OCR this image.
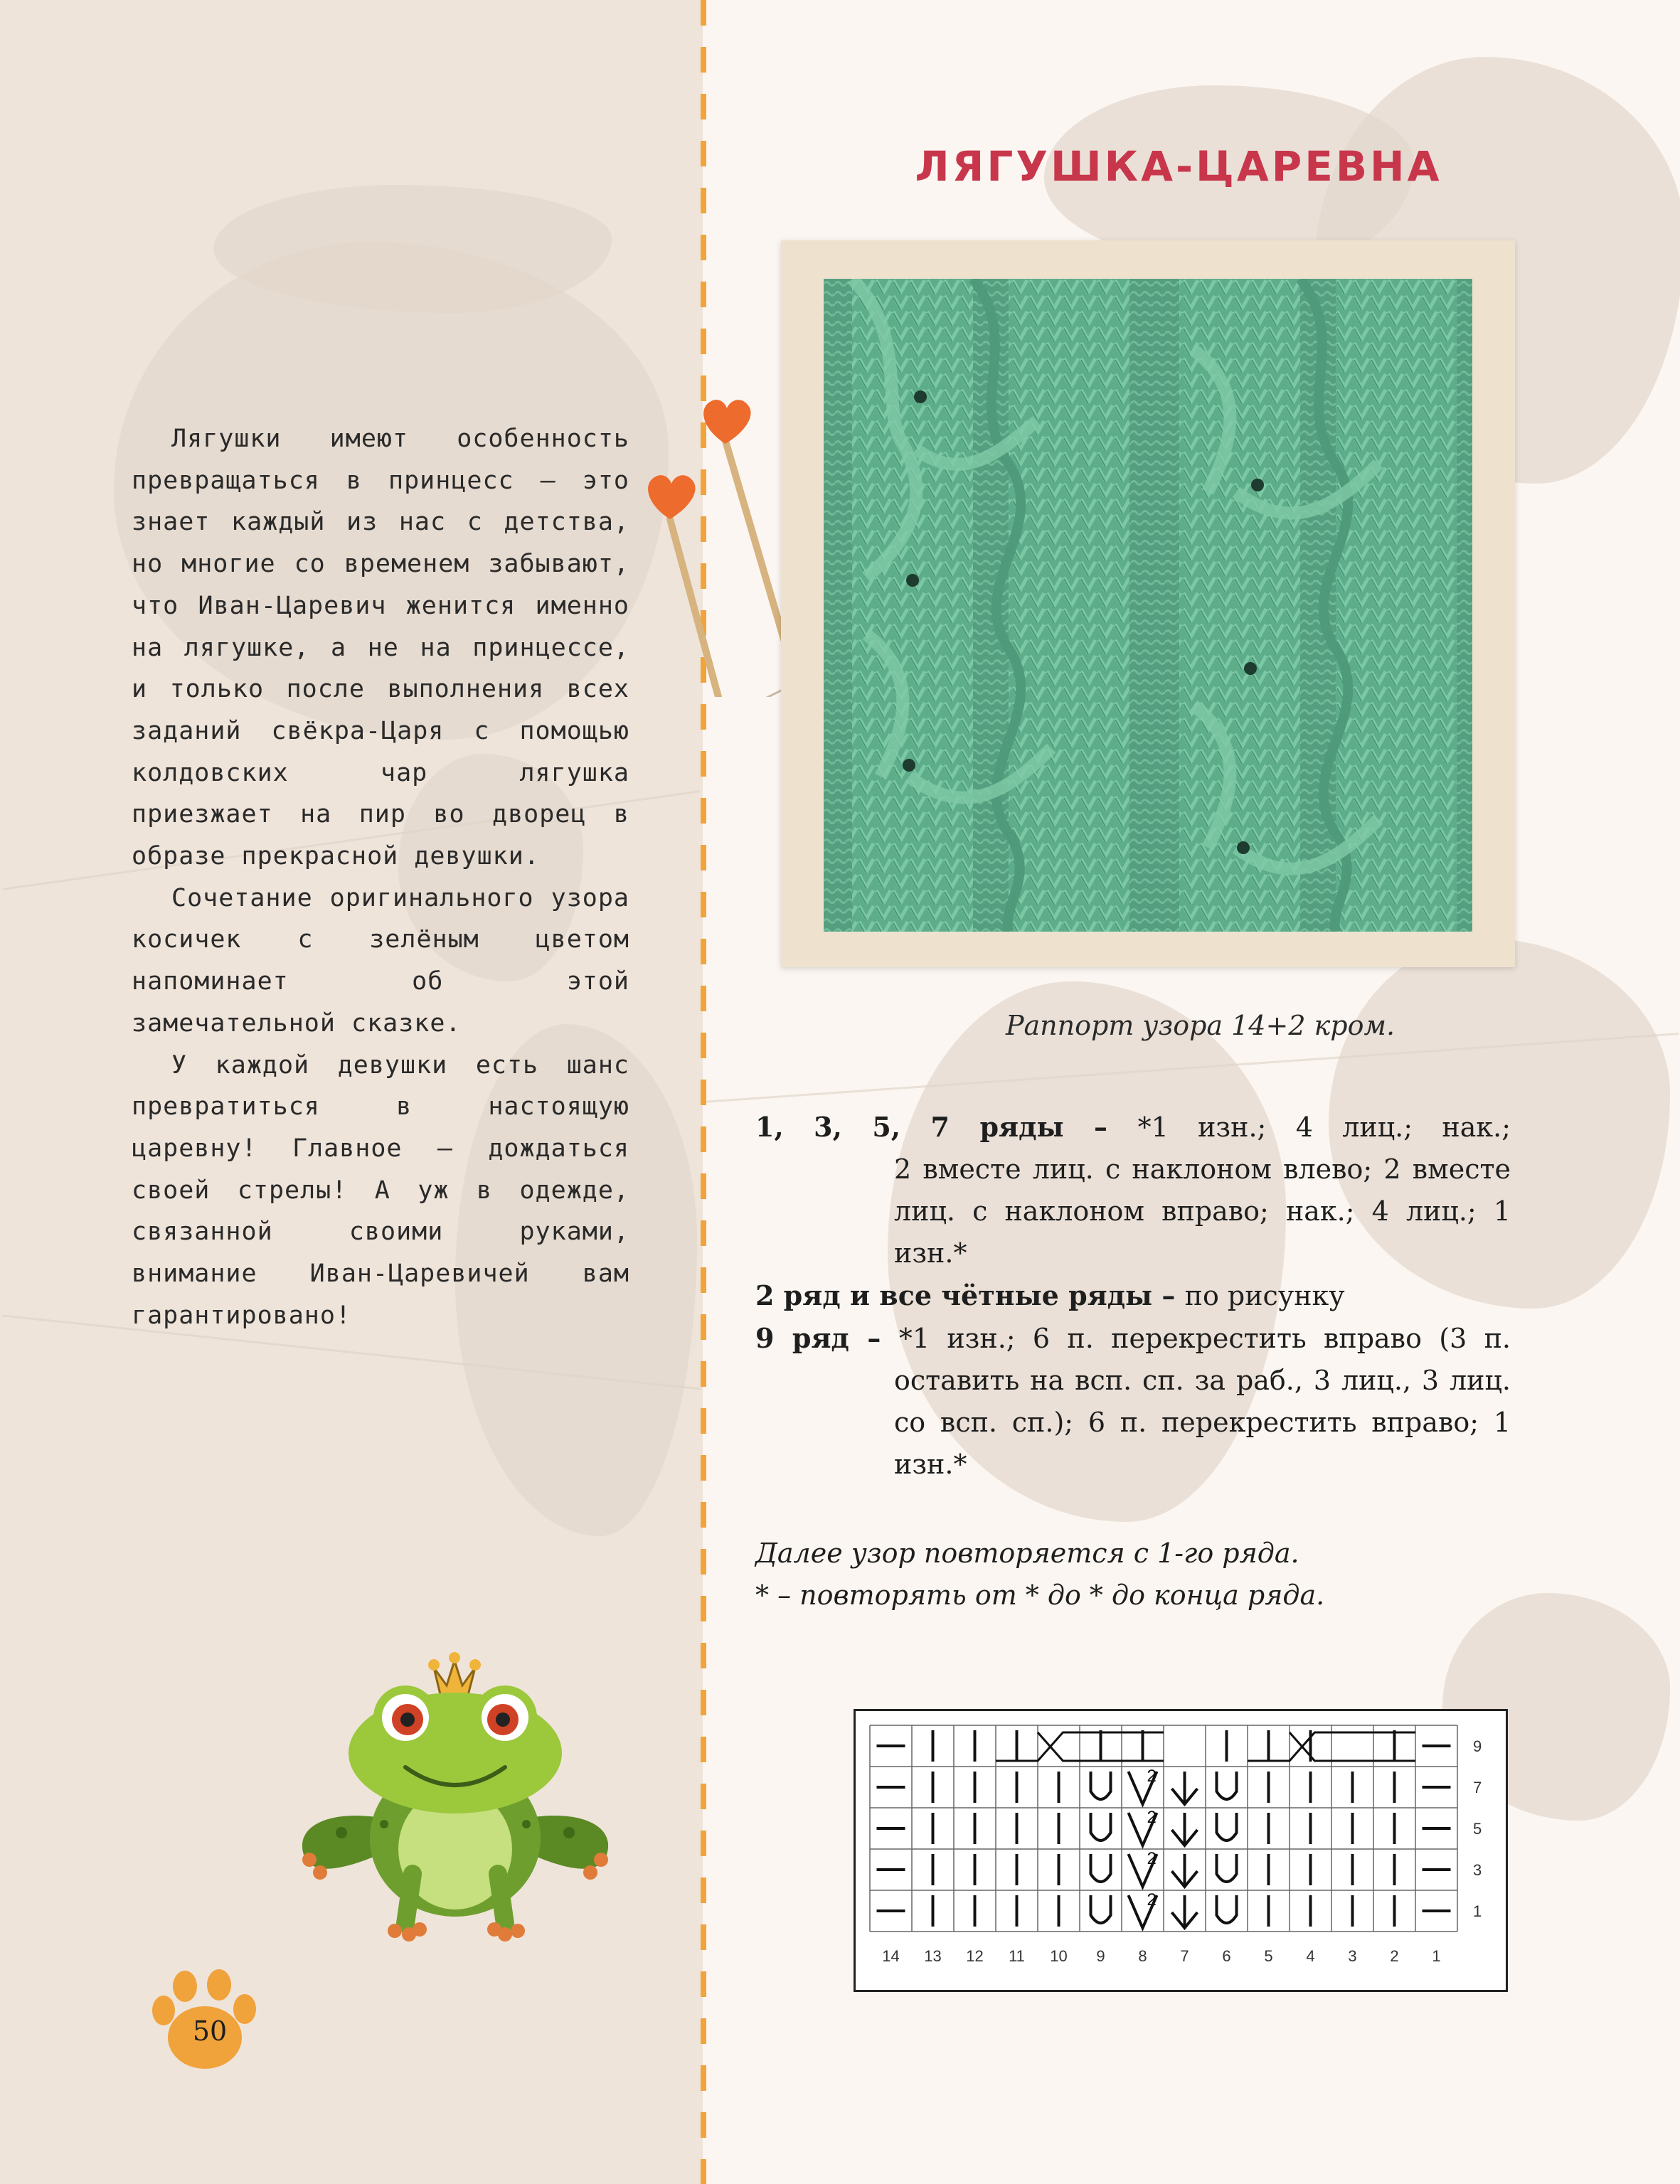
Лягушки имеют особенность превращаться в принцесс – это знает каждый из нас с детства, но многие со временем забывают, что Иван-Царевич женится именно на лягушке, а не на принцессе, и только после выполнения всех заданий свёкра-Царя с помощью колдовских чар лягушка приезжает на пир во дворец в образе прекрасной девушки.

Сочетание оригинального узора косичек с зелёным цветом напоминает об этой замечательной сказке.

У каждой девушки есть шанс превратиться в настоящую царевну! Главное – дождаться своей стрелы! А уж в одежде, связанной своими руками, внимание Иван-Царевичей вам гарантировано!

ЛЯГУШКА-ЦАРЕВНА
Раппорт узора 14+2 кром.
1, 3, 5, 7 ряды – *1 изн.; 4 лиц.; нак.;
2 вместе лиц. с наклоном влево; 2 вместе лиц. с наклоном вправо; нак.; 4 лиц.; 1 изн.*
2 ряд и все чётные ряды – по рисунку
9 ряд – *1 изн.; 6 п. перекрестить вправо (3 п.
оставить на всп. сп. за раб., 3 лиц., 3 лиц. со всп. сп.); 6 п. перекрестить вправо; 1 изн.*
Далее узор повторяется с 1-го ряда.
* – повторять от * до * до конца ряда.
2
2
2
2
9
7
5
3
1
14 13 12 11 10 9 8 7 6 5 4 3 2 1
50
